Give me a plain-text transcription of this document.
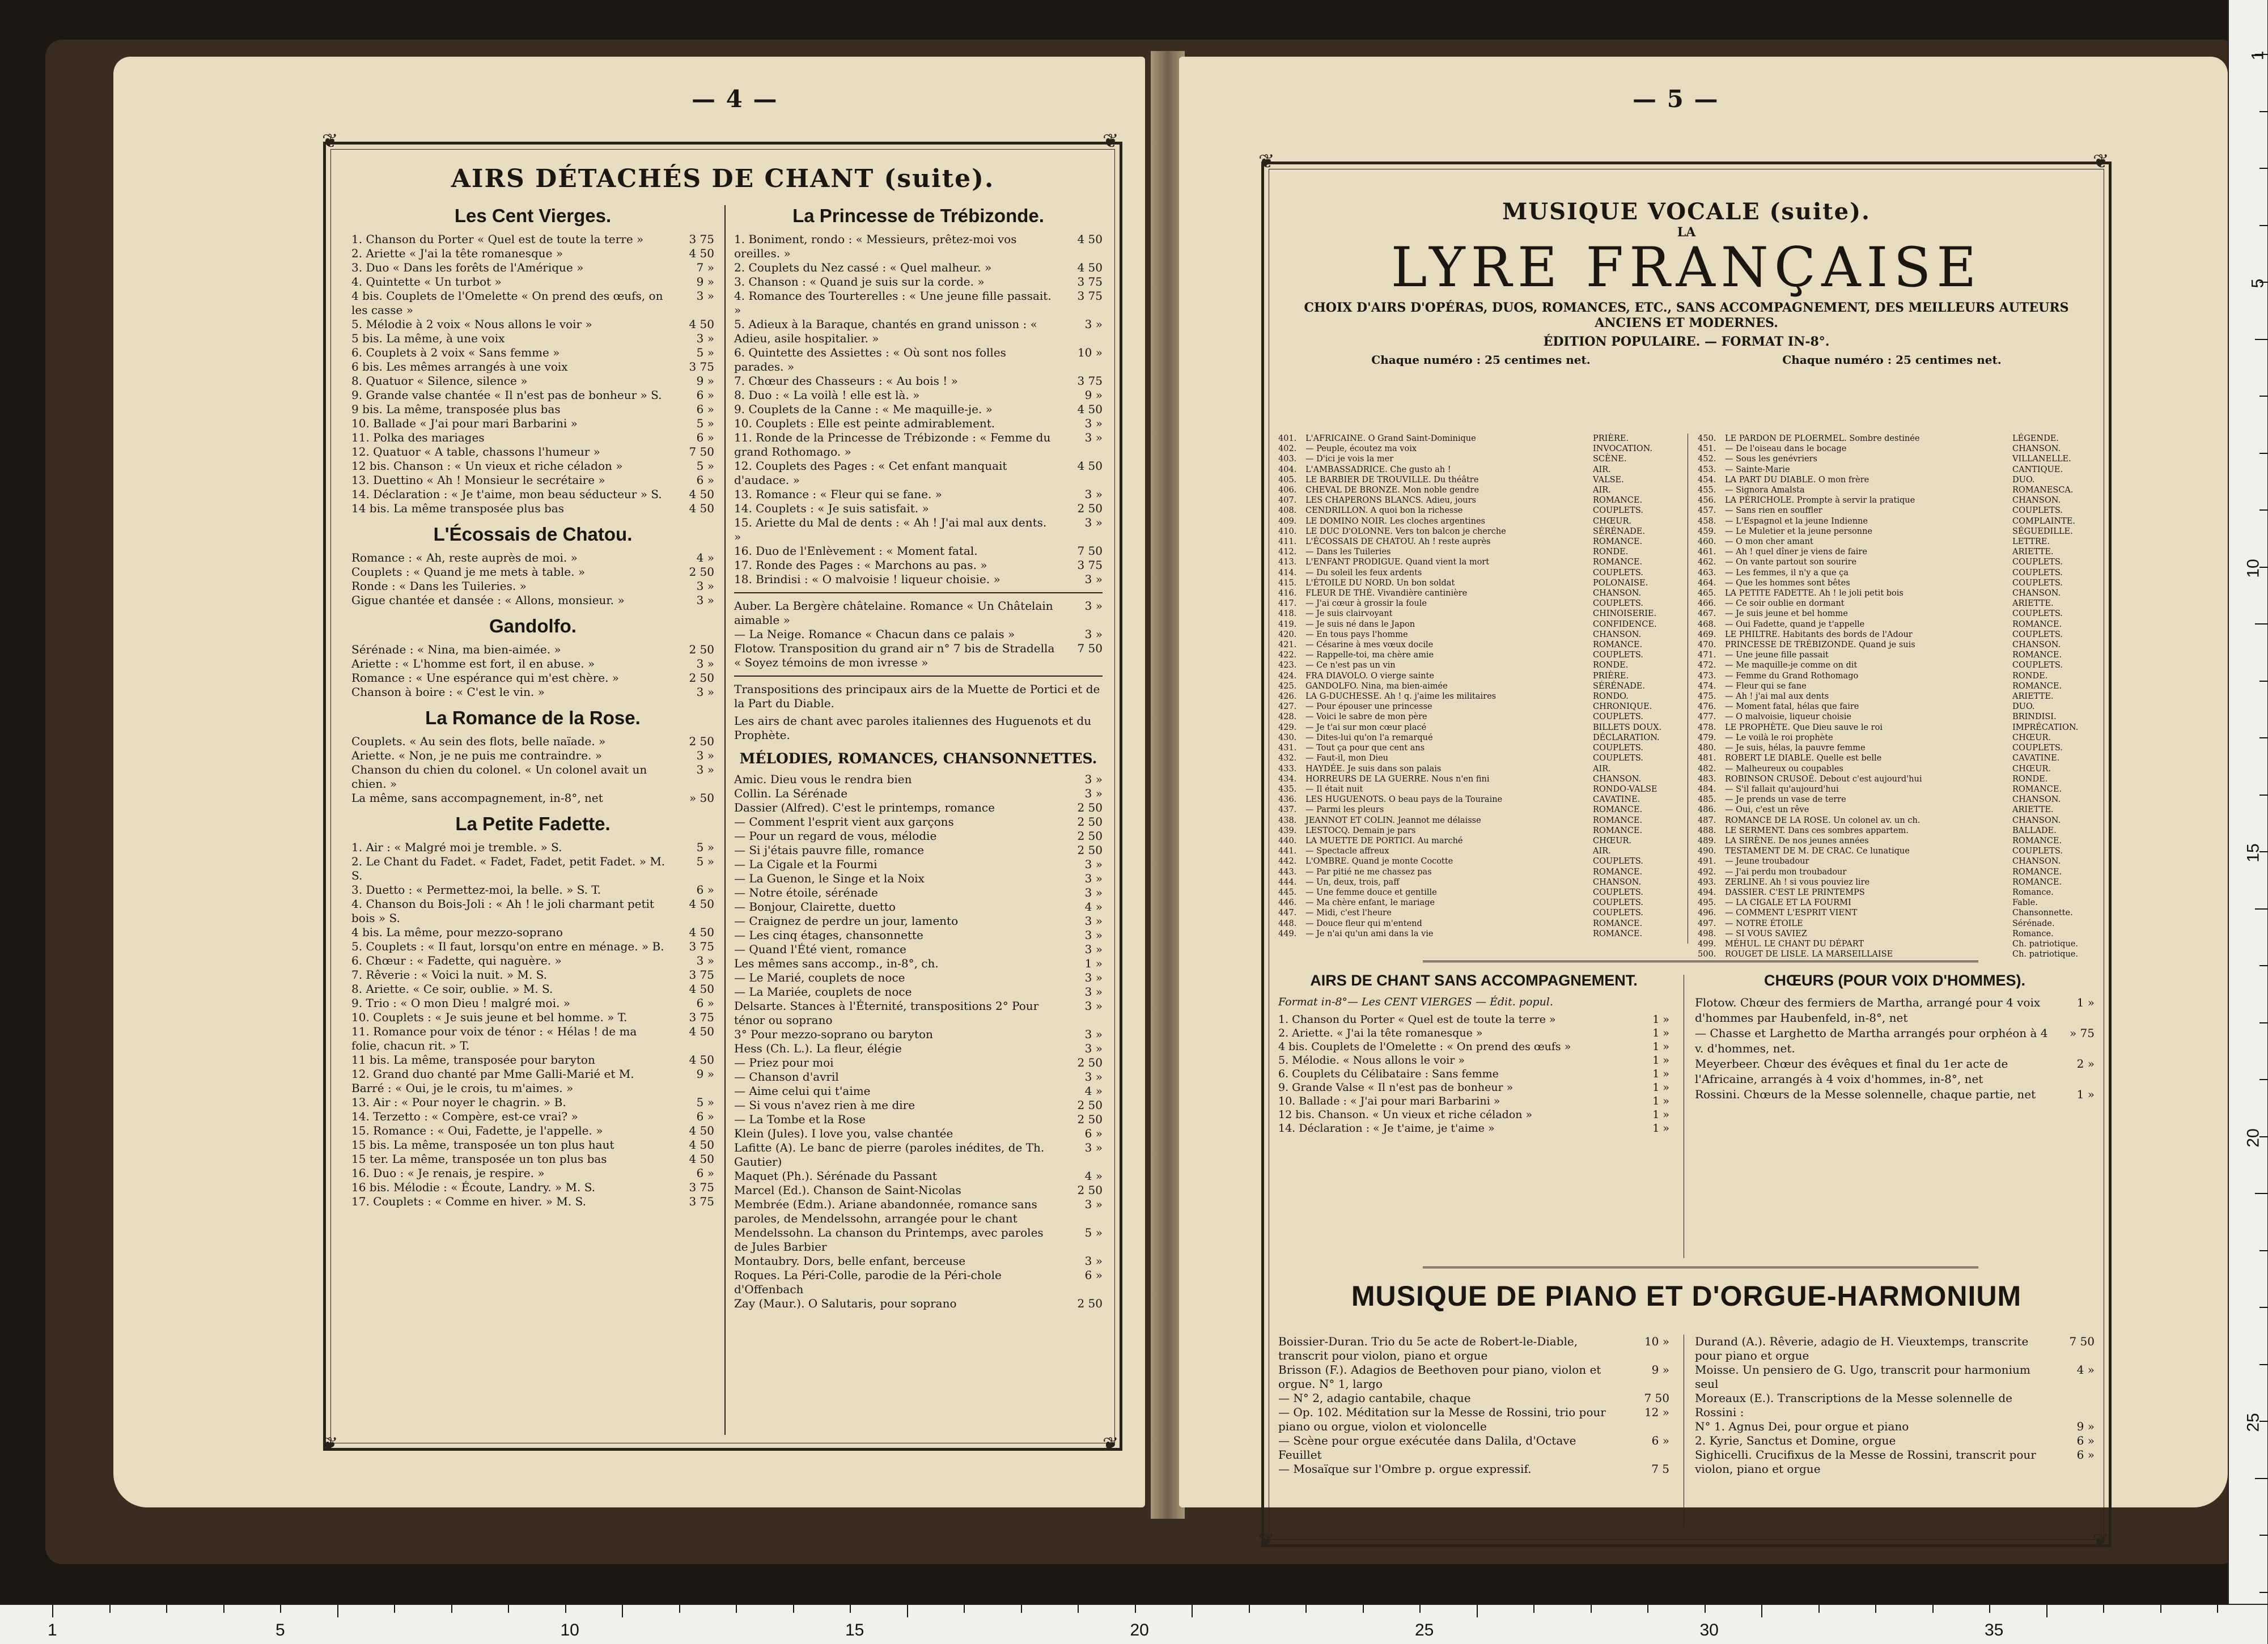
— 4 —
❦	❦
❦	❦
AIRS DÉTACHÉS DE CHANT (suite).
Les Cent Vierges.
1. Chanson du Porter « Quel est de toute la terre »	3 75
2. Ariette « J'ai la tête romanesque »	4 50
3. Duo « Dans les forêts de l'Amérique »	7 »
4. Quintette « Un turbot »	9 »
4 bis. Couplets de l'Omelette « On prend des œufs, on les casse »
3 »
5. Mélodie à 2 voix « Nous allons le voir »	4 50
5 bis. La même, à une voix	3 »
6. Couplets à 2 voix « Sans femme »	5 »
6 bis. Les mêmes arrangés à une voix	3 75
8. Quatuor « Silence, silence »	9 »
9. Grande valse chantée « Il n'est pas de bonheur » S.	6 »
9 bis. La même, transposée plus bas	6 »
10. Ballade « J'ai pour mari Barbarini »	5 »
11. Polka des mariages	6 »
12. Quatuor « A table, chassons l'humeur »	7 50
12 bis. Chanson : « Un vieux et riche céladon »	5 »
13. Duettino « Ah ! Monsieur le secrétaire »	6 »
14. Déclaration : « Je t'aime, mon beau séducteur » S.	4 50
14 bis. La même transposée plus bas	4 50
L'Écossais de Chatou.
Romance : « Ah, reste auprès de moi. »	4 »
Couplets : « Quand je me mets à table. »	2 50
Ronde : « Dans les Tuileries. »	3 »
Gigue chantée et dansée : « Allons, monsieur. »	3 »
Gandolfo.
Sérénade : « Nina, ma bien-aimée. »	2 50
Ariette : « L'homme est fort, il en abuse. »	3 »
Romance : « Une espérance qui m'est chère. »	2 50
Chanson à boire : « C'est le vin. »	3 »
La Romance de la Rose.
Couplets. « Au sein des flots, belle naïade. »	2 50
Ariette. « Non, je ne puis me contraindre. »	3 »
Chanson du chien du colonel. « Un colonel avait un chien. »
3 »
La même, sans accompagnement, in-8°, net	» 50
La Petite Fadette.
1. Air : « Malgré moi je tremble. » S.	5 »
2. Le Chant du Fadet. « Fadet, Fadet, petit Fadet. » M. S.
5 »
3. Duetto : « Permettez-moi, la belle. » S. T.	6 »
4. Chanson du Bois-Joli : « Ah ! le joli charmant petit bois » S.
4 50
4 bis. La même, pour mezzo-soprano	4 50
5. Couplets : « Il faut, lorsqu'on entre en ménage. » B.	3 75
6. Chœur : « Fadette, qui naguère. »	3 »
7. Rêverie : « Voici la nuit. » M. S.	3 75
8. Ariette. « Ce soir, oublie. » M. S.	4 50
9. Trio : « O mon Dieu ! malgré moi. »	6 »
10. Couplets : « Je suis jeune et bel homme. » T.	3 75
11. Romance pour voix de ténor : « Hélas ! de ma folie, chacun rit. » T.
4 50
11 bis. La même, transposée pour baryton	4 50
12. Grand duo chanté par Mme Galli-Marié et M. Barré : « Oui, je le crois, tu m'aimes. »
9 »
13. Air : « Pour noyer le chagrin. » B.	5 »
14. Terzetto : « Compère, est-ce vrai? »	6 »
15. Romance : « Oui, Fadette, je l'appelle. »	4 50
15 bis. La même, transposée un ton plus haut	4 50
15 ter. La même, transposée un ton plus bas	4 50
16. Duo : « Je renais, je respire. »	6 »
16 bis. Mélodie : « Écoute, Landry. » M. S.	3 75
17. Couplets : « Comme en hiver. » M. S.	3 75
La Princesse de Trébizonde.
1. Boniment, rondo : « Messieurs, prêtez-moi vos oreilles. »
4 50
2. Couplets du Nez cassé : « Quel malheur. »	4 50
3. Chanson : « Quand je suis sur la corde. »	3 75
4. Romance des Tourterelles : « Une jeune fille passait. »
3 75
5. Adieux à la Baraque, chantés en grand unisson : « Adieu, asile hospitalier. »
3 »
6. Quintette des Assiettes : « Où sont nos folles parades. »
10 »
7. Chœur des Chasseurs : « Au bois ! »	3 75
8. Duo : « La voilà ! elle est là. »	9 »
9. Couplets de la Canne : « Me maquille-je. »	4 50
10. Couplets : Elle est peinte admirablement.	3 »
11. Ronde de la Princesse de Trébizonde : « Femme du grand Rothomago. »
3 »
12. Couplets des Pages : « Cet enfant manquait d'audace. »
4 50
13. Romance : « Fleur qui se fane. »	3 »
14. Couplets : « Je suis satisfait. »	2 50
15. Ariette du Mal de dents : « Ah ! J'ai mal aux dents. »
3 »
16. Duo de l'Enlèvement : « Moment fatal.	7 50
17. Ronde des Pages : « Marchons au pas. »	3 75
18. Brindisi : « O malvoisie ! liqueur choisie. »	3 »
Auber. La Bergère châtelaine. Romance « Un Châtelain aimable »
3 »
— La Neige. Romance « Chacun dans ce palais »	3 »
Flotow. Transposition du grand air n° 7 bis de Stradella « Soyez témoins de mon ivresse »
7 50
Transpositions des principaux airs de la Muette de Portici et de la Part du Diable.
Les airs de chant avec paroles italiennes des Huguenots et du Prophète.
MÉLODIES, ROMANCES, CHANSONNETTES.
Amic. Dieu vous le rendra bien	3 »
Collin. La Sérénade	3 »
Dassier (Alfred). C'est le printemps, romance	2 50
— Comment l'esprit vient aux garçons	2 50
— Pour un regard de vous, mélodie	2 50
— Si j'étais pauvre fille, romance	2 50
— La Cigale et la Fourmi	3 »
— La Guenon, le Singe et la Noix	3 »
— Notre étoile, sérénade	3 »
— Bonjour, Clairette, duetto	4 »
— Craignez de perdre un jour, lamento	3 »
— Les cinq étages, chansonnette	3 »
— Quand l'Été vient, romance	3 »
Les mêmes sans accomp., in-8°, ch.	1 »
— Le Marié, couplets de noce	3 »
— La Mariée, couplets de noce	3 »
Delsarte. Stances à l'Éternité, transpositions 2° Pour ténor ou soprano
3 »
3° Pour mezzo-soprano ou baryton	3 »
Hess (Ch. L.). La fleur, élégie	3 »
— Priez pour moi	2 50
— Chanson d'avril	3 »
— Aime celui qui t'aime	4 »
— Si vous n'avez rien à me dire	2 50
— La Tombe et la Rose	2 50
Klein (Jules). I love you, valse chantée	6 »
Lafitte (A). Le banc de pierre (paroles inédites, de Th. Gautier)
3 »
Maquet (Ph.). Sérénade du Passant	4 »
Marcel (Ed.). Chanson de Saint-Nicolas	2 50
Membrée (Edm.). Ariane abandonnée, romance sans paroles, de Mendelssohn, arrangée pour le chant
3 »
Mendelssohn. La chanson du Printemps, avec paroles de Jules Barbier
5 »
Montaubry. Dors, belle enfant, berceuse	3 »
Roques. La Péri-Colle, parodie de la Péri-chole d'Offenbach
6 »
Zay (Maur.). O Salutaris, pour soprano	2 50
— 5 —
❦	❦
❦	❦
MUSIQUE VOCALE (suite).
LA
LYRE FRANÇAISE
CHOIX D'AIRS D'OPÉRAS, DUOS, ROMANCES, ETC., SANS ACCOMPAGNEMENT, DES MEILLEURS AUTEURS ANCIENS ET MODERNES.
ÉDITION POPULAIRE. — FORMAT IN-8°.
Chaque numéro : 25 centimes net.	Chaque numéro : 25 centimes net.
401.	L'AFRICAINE. O Grand Saint-Dominique	PRIÈRE.
402.	— Peuple, écoutez ma voix	INVOCATION.
403.	— D'ici je vois la mer	SCÈNE.
404.	L'AMBASSADRICE. Che gusto ah !	AIR.
405.	LE BARBIER DE TROUVILLE. Du théâtre	VALSE.
406.	CHEVAL DE BRONZE. Mon noble gendre	AIR.
407.	LES CHAPERONS BLANCS. Adieu, jours	ROMANCE.
408.	CENDRILLON. A quoi bon la richesse	COUPLETS.
409.	LE DOMINO NOIR. Les cloches argentines	CHŒUR.
410.	LE DUC D'OLONNE. Vers ton balcon je cherche	SÉRÉNADE.
411.	L'ÉCOSSAIS DE CHATOU. Ah ! reste auprès	ROMANCE.
412.	— Dans les Tuileries	RONDE.
413.	L'ENFANT PRODIGUE. Quand vient la mort	ROMANCE.
414.	— Du soleil les feux ardents	COUPLETS.
415.	L'ÉTOILE DU NORD. Un bon soldat	POLONAISE.
416.	FLEUR DE THÉ. Vivandière cantinière	CHANSON.
417.	— J'ai cœur à grossir la foule	COUPLETS.
418.	— Je suis clairvoyant	CHINOISERIE.
419.	— Je suis né dans le Japon	CONFIDENCE.
420.	— En tous pays l'homme	CHANSON.
421.	— Césarine à mes vœux docile	ROMANCE.
422.	— Rappelle-toi, ma chère amie	COUPLETS.
423.	— Ce n'est pas un vin	RONDE.
424.	FRA DIAVOLO. O vierge sainte	PRIÈRE.
425.	GANDOLFO. Nina, ma bien-aimée	SÉRÉNADE.
426.	LA G-DUCHESSE. Ah ! q. j'aime les militaires	RONDO.
427.	— Pour épouser une princesse	CHRONIQUE.
428.	— Voici le sabre de mon père	COUPLETS.
429.	— Je t'ai sur mon cœur placé	BILLETS DOUX.
430.	— Dites-lui qu'on l'a remarqué	DÉCLARATION.
431.	— Tout ça pour que cent ans	COUPLETS.
432.	— Faut-il, mon Dieu	COUPLETS.
433.	HAYDÉE. Je suis dans son palais	AIR.
434.	HORREURS DE LA GUERRE. Nous n'en fini	CHANSON.
435.	— Il était nuit	RONDO-VALSE
436.	LES HUGUENOTS. O beau pays de la Touraine	CAVATINE.
437.	— Parmi les pleurs	ROMANCE.
438.	JEANNOT ET COLIN. Jeannot me délaisse	ROMANCE.
439.	LESTOCQ. Demain je pars	ROMANCE.
440.	LA MUETTE DE PORTICI. Au marché	CHŒUR.
441.	— Spectacle affreux	AIR.
442.	L'OMBRE. Quand je monte Cocotte	COUPLETS.
443.	— Par pitié ne me chassez pas	ROMANCE.
444.	— Un, deux, trois, paff	CHANSON.
445.	— Une femme douce et gentille	COUPLETS.
446.	— Ma chère enfant, le mariage	COUPLETS.
447.	— Midi, c'est l'heure	COUPLETS.
448.	— Douce fleur qui m'entend	ROMANCE.
449.	— Je n'ai qu'un ami dans la vie	ROMANCE.
450.	LE PARDON DE PLOERMEL. Sombre destinée	LÉGENDE.
451.	— De l'oiseau dans le bocage	CHANSON.
452.	— Sous les genévriers	VILLANELLE.
453.	— Sainte-Marie	CANTIQUE.
454.	LA PART DU DIABLE. O mon frère	DUO.
455.	— Signora Amalsta	ROMANESCA.
456.	LA PÉRICHOLE. Prompte à servir la pratique	CHANSON.
457.	— Sans rien en souffler	COUPLETS.
458.	— L'Espagnol et la jeune Indienne	COMPLAINTE.
459.	— Le Muletier et la jeune personne	SÉGUEDILLE.
460.	— O mon cher amant	LETTRE.
461.	— Ah ! quel dîner je viens de faire	ARIETTE.
462.	— On vante partout son sourire	COUPLETS.
463.	— Les femmes, il n'y a que ça	COUPLETS.
464.	— Que les hommes sont bêtes	COUPLETS.
465.	LA PETITE FADETTE. Ah ! le joli petit bois	CHANSON.
466.	— Ce soir oublie en dormant	ARIETTE.
467.	— Je suis jeune et bel homme	COUPLETS.
468.	— Oui Fadette, quand je t'appelle	ROMANCE.
469.	LE PHILTRE. Habitants des bords de l'Adour	COUPLETS.
470.	PRINCESSE DE TRÉBIZONDE. Quand je suis	CHANSON.
471.	— Une jeune fille passait	ROMANCE.
472.	— Me maquille-je comme on dit	COUPLETS.
473.	— Femme du Grand Rothomago	RONDE.
474.	— Fleur qui se fane	ROMANCE.
475.	— Ah ! j'ai mal aux dents	ARIETTE.
476.	— Moment fatal, hélas que faire	DUO.
477.	— O malvoisie, liqueur choisie	BRINDISI.
478.	LE PROPHÈTE. Que Dieu sauve le roi	IMPRÉCATION.
479.	— Le voilà le roi prophète	CHŒUR.
480.	— Je suis, hélas, la pauvre femme	COUPLETS.
481.	ROBERT LE DIABLE. Quelle est belle	CAVATINE.
482.	— Malheureux ou coupables	CHŒUR.
483.	ROBINSON CRUSOÉ. Debout c'est aujourd'hui	RONDE.
484.	— S'il fallait qu'aujourd'hui	ROMANCE.
485.	— Je prends un vase de terre	CHANSON.
486.	— Oui, c'est un rêve	ARIETTE.
487.	ROMANCE DE LA ROSE. Un colonel av. un ch.	CHANSON.
488.	LE SERMENT. Dans ces sombres appartem.	BALLADE.
489.	LA SIRÈNE. De nos jeunes années	ROMANCE.
490.	TESTAMENT DE M. DE CRAC. Ce lunatique	COUPLETS.
491.	— Jeune troubadour	CHANSON.
492.	— J'ai perdu mon troubadour	ROMANCE.
493.	ZERLINE. Ah ! si vous pouviez lire	ROMANCE.
494.	DASSIER. C'EST LE PRINTEMPS	Romance.
495.	— LA CIGALE ET LA FOURMI	Fable.
496.	— COMMENT L'ESPRIT VIENT	Chansonnette.
497.	— NOTRE ÉTOILE	Sérénade.
498.	— SI VOUS SAVIEZ	Romance.
499.	MÉHUL. LE CHANT DU DÉPART	Ch. patriotique.
500.	ROUGET DE LISLE. LA MARSEILLAISE	Ch. patriotique.
AIRS DE CHANT SANS ACCOMPAGNEMENT.
Format in-8°— Les CENT VIERGES — Édit. popul.
1. Chanson du Porter « Quel est de toute la terre »	1 »
2. Ariette. « J'ai la tête romanesque »	1 »
4 bis. Couplets de l'Omelette : « On prend des œufs »	1 »
5. Mélodie. « Nous allons le voir »	1 »
6. Couplets du Célibataire : Sans femme	1 »
9. Grande Valse « Il n'est pas de bonheur »	1 »
10. Ballade : « J'ai pour mari Barbarini »	1 »
12 bis. Chanson. « Un vieux et riche céladon »	1 »
14. Déclaration : « Je t'aime, je t'aime »	1 »
CHŒURS (POUR VOIX D'HOMMES).
Flotow. Chœur des fermiers de Martha, arrangé pour 4 voix d'hommes par Haubenfeld, in-8°, net
1 »
— Chasse et Larghetto de Martha arrangés pour orphéon à 4 v. d'hommes, net.
» 75
Meyerbeer. Chœur des évêques et final du 1er acte de l'Africaine, arrangés à 4 voix d'hommes, in-8°, net
2 »
Rossini. Chœurs de la Messe solennelle, chaque partie, net	1 »
MUSIQUE DE PIANO ET D'ORGUE-HARMONIUM
Boissier-Duran. Trio du 5e acte de Robert-le-Diable, transcrit pour violon, piano et orgue
10 »
Brisson (F.). Adagios de Beethoven pour piano, violon et orgue. N° 1, largo
9 »
— N° 2, adagio cantabile, chaque	7 50
— Op. 102. Méditation sur la Messe de Rossini, trio pour piano ou orgue, violon et violoncelle
12 »
— Scène pour orgue exécutée dans Dalila, d'Octave Feuillet
6 »
— Mosaïque sur l'Ombre p. orgue expressif.	7 5
Durand (A.). Rêverie, adagio de H. Vieuxtemps, transcrite pour piano et orgue
7 50
Moisse. Un pensiero de G. Ugo, transcrit pour harmonium seul
4 »
Moreaux (E.). Transcriptions de la Messe solennelle de Rossini :
N° 1. Agnus Dei, pour orgue et piano	9 »
2. Kyrie, Sanctus et Domine, orgue	6 »
Sighicelli. Crucifixus de la Messe de Rossini, transcrit pour violon, piano et orgue
6 »
1	5	10	15	20	25	30	35
1
5
10
15
20
25
